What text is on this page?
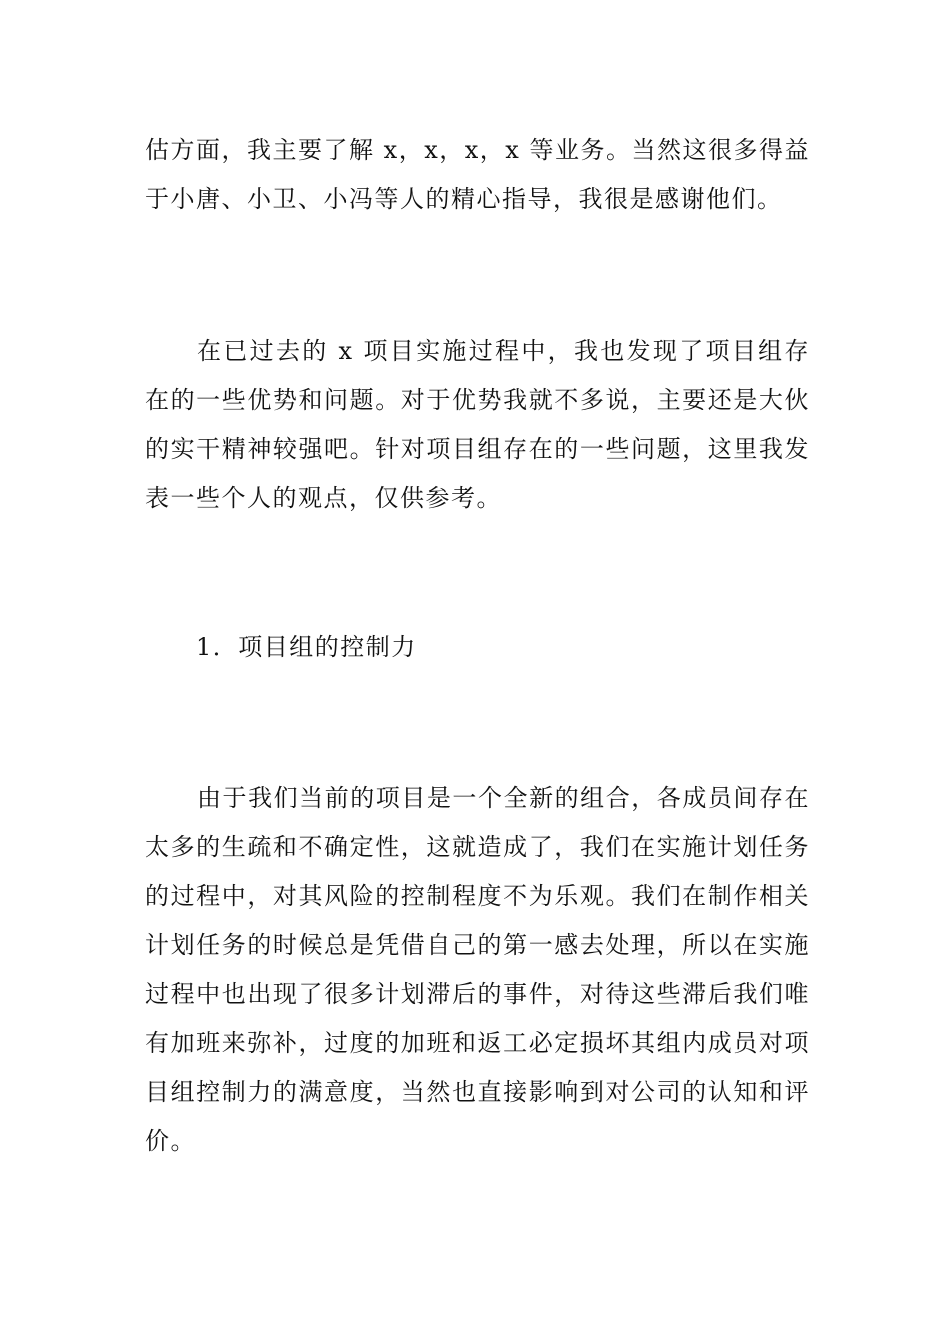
估方面，我主要了解 x，x，x，x 等业务。当然这很多得益于小唐、小卫、小冯等人的精心指导，我很是感谢他们。

在已过去的 x 项目实施过程中，我也发现了项目组存在的一些优势和问题。对于优势我就不多说，主要还是大伙的实干精神较强吧。针对项目组存在的一些问题，这里我发表一些个人的观点，仅供参考。

1．项目组的控制力

由于我们当前的项目是一个全新的组合，各成员间存在太多的生疏和不确定性，这就造成了，我们在实施计划任务的过程中，对其风险的控制程度不为乐观。我们在制作相关计划任务的时候总是凭借自己的第一感去处理，所以在实施过程中也出现了很多计划滞后的事件，对待这些滞后我们唯有加班来弥补，过度的加班和返工必定损坏其组内成员对项目组控制力的满意度，当然也直接影响到对公司的认知和评价。
